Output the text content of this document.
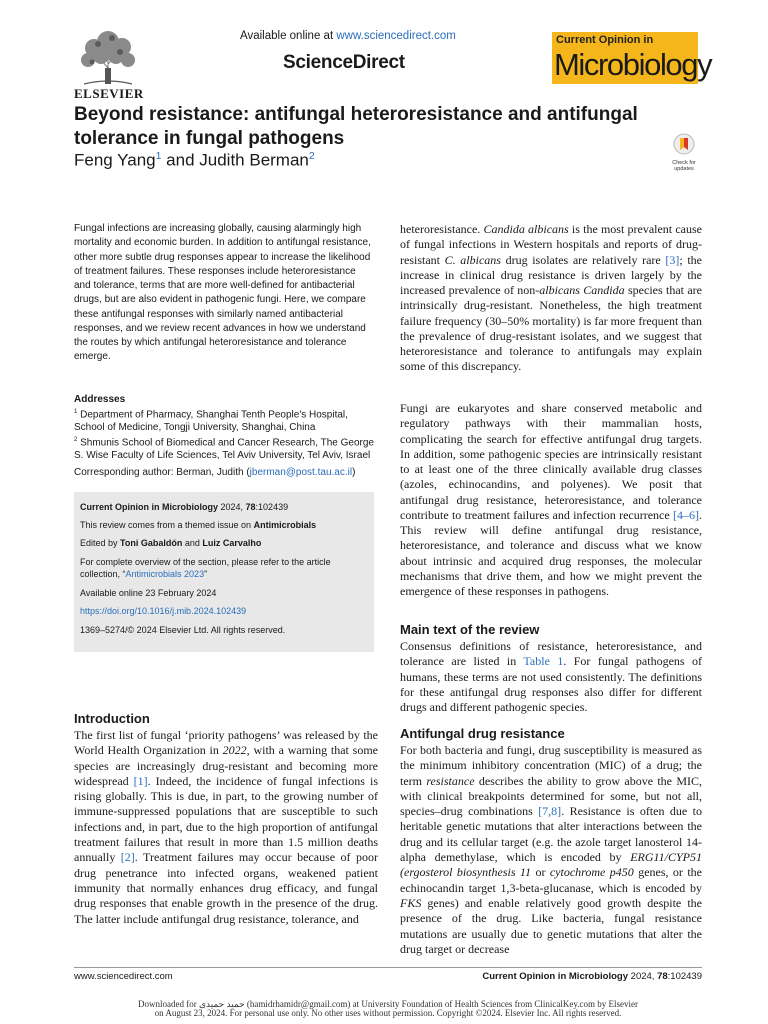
ELSEVIER
Available online at www.sciencedirect.com
ScienceDirect
Current Opinion in
Microbiology
Beyond resistance: antifungal heteroresistance and antifungal tolerance in fungal pathogens
Feng Yang$^1$ and Judith Berman$^2$
Check for updates
Fungal infections are increasing globally, causing alarmingly high mortality and economic burden. In addition to antifungal resistance, other more subtle drug responses appear to increase the likelihood of treatment failures. These responses include heteroresistance and tolerance, terms that are more well-defined for antibacterial drugs, but are also evident in pathogenic fungi. Here, we compare these antifungal responses with similarly named antibacterial responses, and we review recent advances in how we understand the routes by which antifungal heteroresistance and tolerance emerge.
Addresses
$^1$ Department of Pharmacy, Shanghai Tenth People's Hospital, School of Medicine, Tongji University, Shanghai, China
$^2$ Shmunis School of Biomedical and Cancer Research, The George S. Wise Faculty of Life Sciences, Tel Aviv University, Tel Aviv, Israel
Corresponding author: Berman, Judith (jberman@post.tau.ac.il)
Current Opinion in Microbiology 2024, 78:102439
This review comes from a themed issue on Antimicrobials
Edited by Toni Gabaldón and Luiz Carvalho
For complete overview of the section, please refer to the article collection, “Antimicrobials 2023”
Available online 23 February 2024
https://doi.org/10.1016/j.mib.2024.102439
1369–5274/© 2024 Elsevier Ltd. All rights reserved.
Introduction
The first list of fungal ‘priority pathogens’ was released by the World Health Organization in 2022, with a warning that some species are increasingly drug-resistant and becoming more widespread [1]. Indeed, the incidence of fungal infections is rising globally. This is due, in part, to the growing number of immune-suppressed populations that are susceptible to such infections and, in part, due to the high proportion of antifungal treatment failures that result in more than 1.5 million deaths annually [2]. Treatment failures may occur because of poor drug penetrance into infected organs, weakened patient immunity that normally enhances drug efficacy, and fungal drug responses that enable growth in the presence of the drug. The latter include antifungal drug resistance, tolerance, and
heteroresistance. Candida albicans is the most prevalent cause of fungal infections in Western hospitals and reports of drug-resistant C. albicans drug isolates are relatively rare [3]; the increase in clinical drug resistance is driven largely by the increased prevalence of non-albicans Candida species that are intrinsically drug-resistant. Nonetheless, the high treatment failure frequency (30–50% mortality) is far more frequent than the prevalence of drug-resistant isolates, and we suggest that heteroresistance and tolerance to antifungals may explain some of this discrepancy.
Fungi are eukaryotes and share conserved metabolic and regulatory pathways with their mammalian hosts, complicating the search for effective antifungal drug targets. In addition, some pathogenic species are intrinsically resistant to at least one of the three clinically available drug classes (azoles, echinocandins, and polyenes). We posit that antifungal drug resistance, heteroresistance, and tolerance contribute to treatment failures and infection recurrence [4–6]. This review will define antifungal drug resistance, heteroresistance, and tolerance and discuss what we know about intrinsic and acquired drug responses, the molecular mechanisms that drive them, and how we might prevent the emergence of these responses in pathogens.
Main text of the review
Consensus definitions of resistance, heteroresistance, and tolerance are listed in Table 1. For fungal pathogens of humans, these terms are not used consistently. The definitions for these antifungal drug responses also differ for different drugs and different pathogenic species.
Antifungal drug resistance
For both bacteria and fungi, drug susceptibility is measured as the minimum inhibitory concentration (MIC) of a drug; the term resistance describes the ability to grow above the MIC, with clinical breakpoints determined for some, but not all, species–drug combinations [7,8]. Resistance is often due to heritable genetic mutations that alter interactions between the drug and its cellular target (e.g. the azole target lanosterol 14-alpha demethylase, which is encoded by ERG11/CYP51 (ergosterol biosynthesis 11 or cytochrome p450 genes, or the echinocandin target 1,3-beta-glucanase, which is encoded by FKS genes) and enable relatively good growth despite the presence of the drug. Like bacteria, fungal resistance mutations are usually due to genetic mutations that alter the drug target or decrease
www.sciencedirect.com	Current Opinion in Microbiology 2024, 78:102439
Downloaded for حمید حمیدی (hamidrhamidr@gmail.com) at University Foundation of Health Sciences from ClinicalKey.com by Elsevier
on August 23, 2024. For personal use only. No other uses without permission. Copyright ©2024. Elsevier Inc. All rights reserved.
